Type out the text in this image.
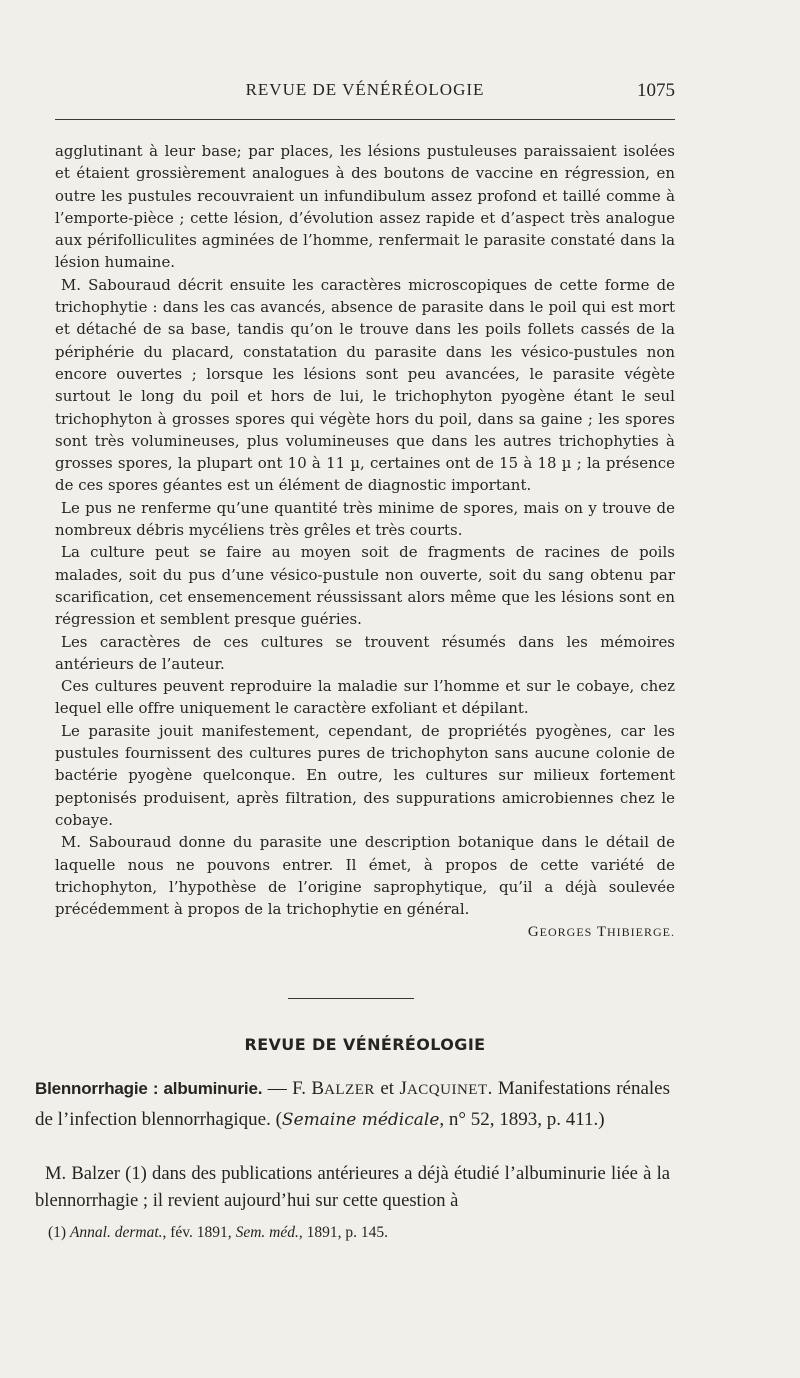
REVUE DE VÉNÉRÉOLOGIE	1075

agglutinant à leur base; par places, les lésions pustuleuses paraissaient isolées et étaient grossièrement analogues à des boutons de vaccine en régression, en outre les pustules recouvraient un infundibulum assez profond et taillé comme à l’emporte-pièce ; cette lésion, d’évolution assez rapide et d’aspect très analogue aux périfolliculites agminées de l’homme, renfermait le parasite constaté dans la lésion humaine.

M. Sabouraud décrit ensuite les caractères microscopiques de cette forme de trichophytie : dans les cas avancés, absence de parasite dans le poil qui est mort et détaché de sa base, tandis qu’on le trouve dans les poils follets cassés de la périphérie du placard, constatation du parasite dans les vésico-pustules non encore ouvertes ; lorsque les lésions sont peu avancées, le parasite végète surtout le long du poil et hors de lui, le trichophyton pyogène étant le seul trichophyton à grosses spores qui végète hors du poil, dans sa gaine ; les spores sont très volumineuses, plus volumineuses que dans les autres trichophyties à grosses spores, la plupart ont 10 à 11 µ, certaines ont de 15 à 18 µ ; la présence de ces spores géantes est un élément de diagnostic important.

Le pus ne renferme qu’une quantité très minime de spores, mais on y trouve de nombreux débris mycéliens très grêles et très courts.

La culture peut se faire au moyen soit de fragments de racines de poils malades, soit du pus d’une vésico-pustule non ouverte, soit du sang obtenu par scarification, cet ensemencement réussissant alors même que les lésions sont en régression et semblent presque guéries.

Les caractères de ces cultures se trouvent résumés dans les mémoires antérieurs de l’auteur.

Ces cultures peuvent reproduire la maladie sur l’homme et sur le cobaye, chez lequel elle offre uniquement le caractère exfoliant et dépilant.

Le parasite jouit manifestement, cependant, de propriétés pyogènes, car les pustules fournissent des cultures pures de trichophyton sans aucune colonie de bactérie pyogène quelconque. En outre, les cultures sur milieux fortement peptonisés produisent, après filtration, des suppurations amicrobiennes chez le cobaye.

M. Sabouraud donne du parasite une description botanique dans le détail de laquelle nous ne pouvons entrer. Il émet, à propos de cette variété de trichophyton, l’hypothèse de l’origine saprophytique, qu’il a déjà soulevée précédemment à propos de la trichophytie en général.

GEORGES THIBIERGE.
REVUE DE VÉNÉRÉOLOGIE
Blennorrhagie : albuminurie. — F. BALZER et JACQUINET. Manifestations rénales de l’infection blennorrhagique. (Semaine médicale, n° 52, 1893, p. 411.)

M. Balzer (1) dans des publications antérieures a déjà étudié l’albuminurie liée à la blennorrhagie ; il revient aujourd’hui sur cette question à

(1) Annal. dermat., fév. 1891, Sem. méd., 1891, p. 145.
